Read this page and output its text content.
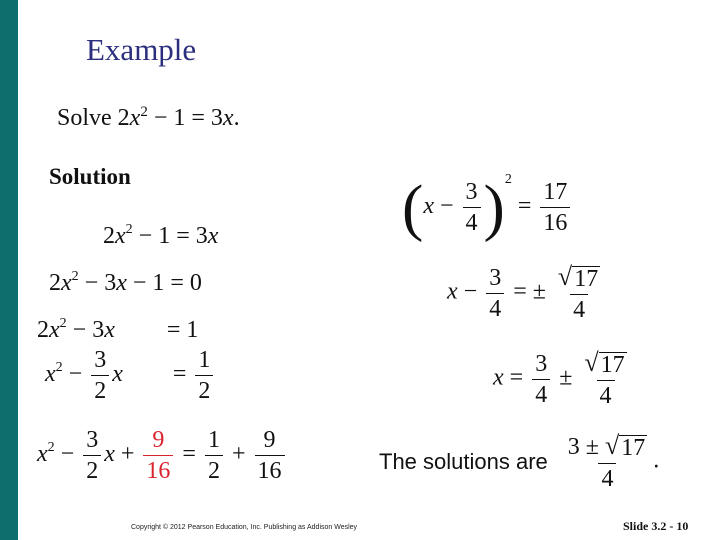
Example
Solve $2x^2 - 1 = 3x$.
Solution
$2x^2 - 1 = 3x$
$2x^2 - 3x - 1 = 0$
$2x^2 - 3x = 1$
$x^2 - \frac{3}{2}$ $x = \frac{1}{2}$
$x^2 - \frac{3}{2}$ $x + \frac{9}{16} = \frac{1}{2} + \frac{9}{16}$
$(x - \frac{3}{4} )^2 = \frac{17}{16}$
$x - \frac{3}{4}$ = ± $\frac{√ 17}{4}$
$x = \frac{3}{4} \pm \frac{√ 17}{4}$
The solutions are $\frac{3 \pm √ 17}{4}$ .
Copyright © 2012 Pearson Education, Inc. Publishing as Addison Wesley	Slide 3.2 - 10
